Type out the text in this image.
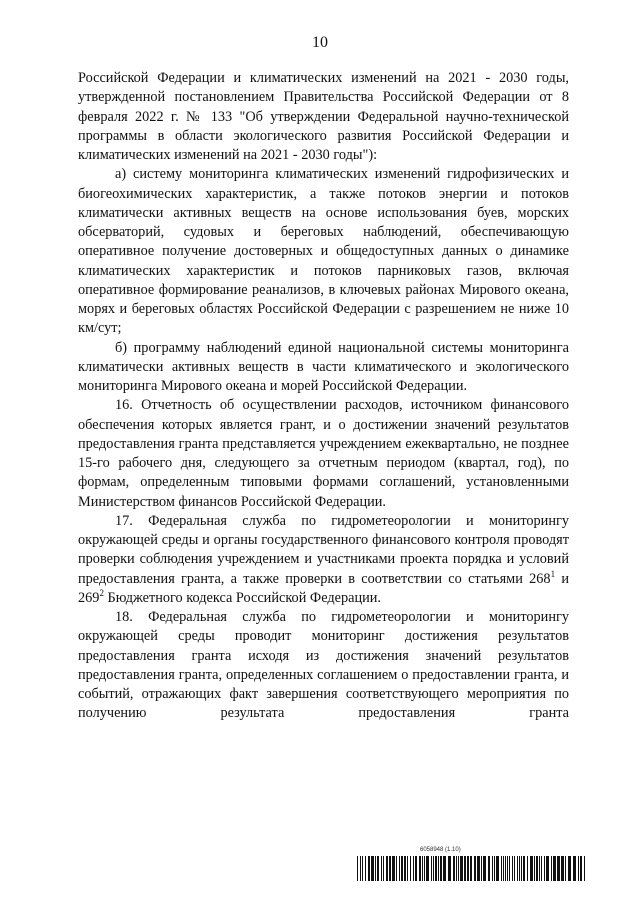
10

Российской Федерации и климатических изменений на 2021 - 2030 годы, утвержденной постановлением Правительства Российской Федерации от 8 февраля 2022 г. № 133 "Об утверждении Федеральной научно-технической программы в области экологического развития Российской Федерации и климатических изменений на 2021 - 2030 годы"):

а) систему мониторинга климатических изменений гидрофизических и биогеохимических характеристик, а также потоков энергии и потоков климатически активных веществ на основе использования буев, морских обсерваторий, судовых и береговых наблюдений, обеспечивающую оперативное получение достоверных и общедоступных данных о динамике климатических характеристик и потоков парниковых газов, включая оперативное формирование реанализов, в ключевых районах Мирового океана, морях и береговых областях Российской Федерации с разрешением не ниже 10 км/сут;

б) программу наблюдений единой национальной системы мониторинга климатически активных веществ в части климатического и экологического мониторинга Мирового океана и морей Российской Федерации.

16. Отчетность об осуществлении расходов, источником финансового обеспечения которых является грант, и о достижении значений результатов предоставления гранта представляется учреждением ежеквартально, не позднее 15-го рабочего дня, следующего за отчетным периодом (квартал, год), по формам, определенным типовыми формами соглашений, установленными Министерством финансов Российской Федерации.

17. Федеральная служба по гидрометеорологии и мониторингу окружающей среды и органы государственного финансового контроля проводят проверки соблюдения учреждением и участниками проекта порядка и условий предоставления гранта, а также проверки в соответствии со статьями $268^1$ и $269^2$ Бюджетного кодекса Российской Федерации.

18. Федеральная служба по гидрометеорологии и мониторингу окружающей среды проводит мониторинг достижения результатов предоставления гранта исходя из достижения значений результатов предоставления гранта, определенных соглашением о предоставлении гранта, и событий, отражающих факт завершения соответствующего мероприятия по получению результата предоставления гранта

6058948 (1.10)
